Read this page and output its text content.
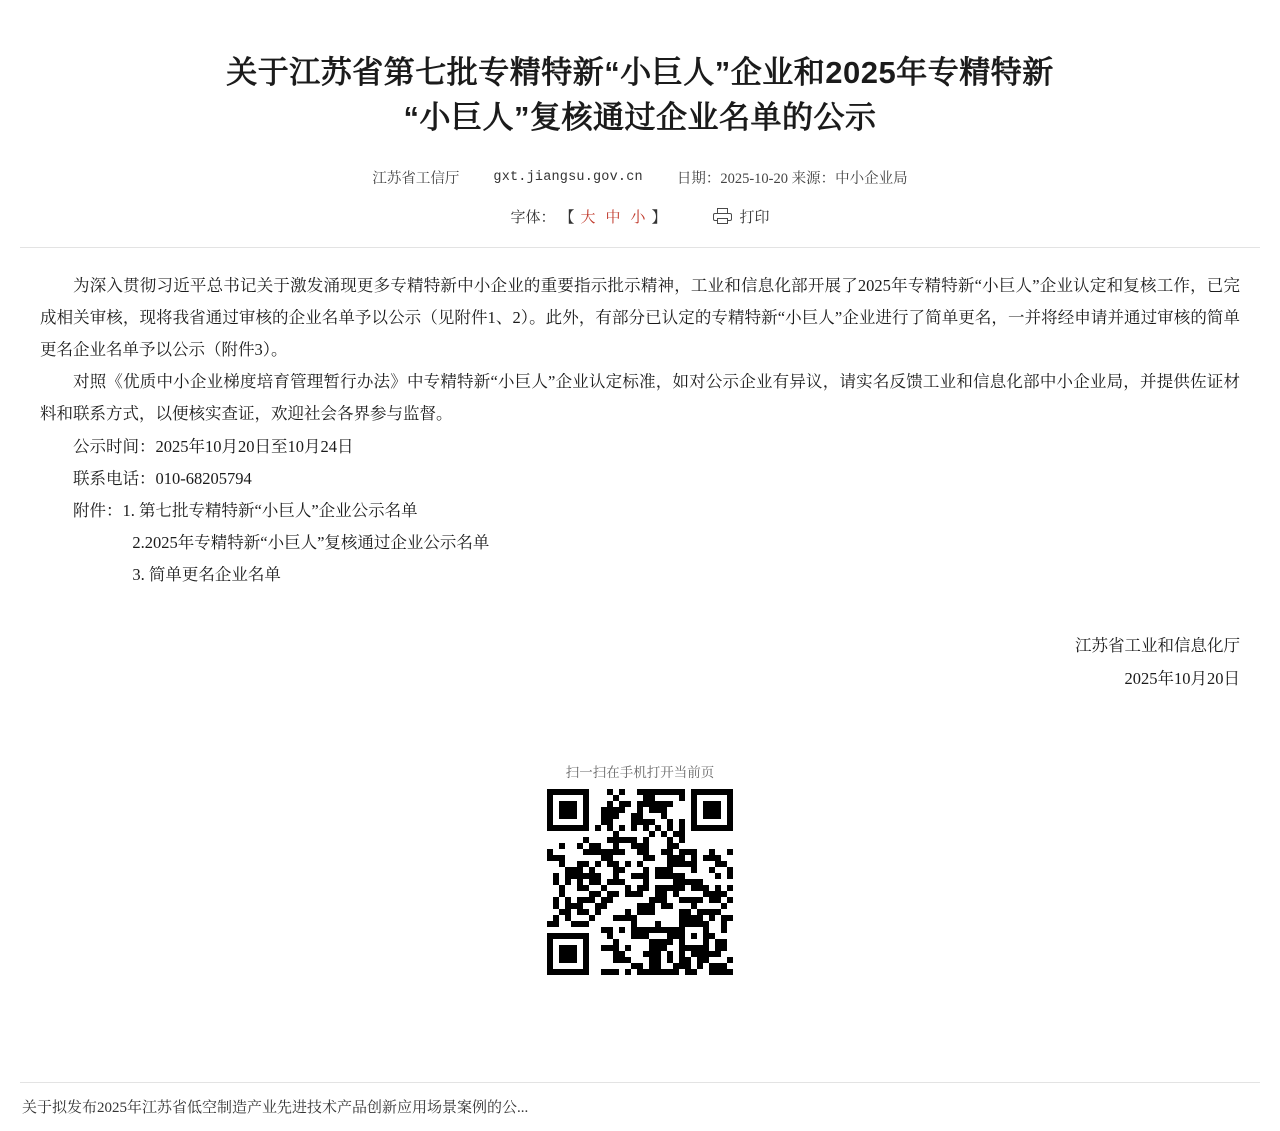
关于江苏省第七批专精特新“小巨人”企业和2025年专精特新
“小巨人”复核通过企业名单的公示
江苏省工信厅	gxt.jiangsu.gov.cn 日期：2025-10-20 来源：中小企业局
字体： 【 大 中 小 】	打印

为深入贯彻习近平总书记关于激发涌现更多专精特新中小企业的重要指示批示精神，工业和信息化部开展了2025年专精特新“小巨人”企业认定和复核工作，已完成相关审核，现将我省通过审核的企业名单予以公示（见附件1、2）。此外，有部分已认定的专精特新“小巨人”企业进行了简单更名，一并将经申请并通过审核的简单更名企业名单予以公示（附件3）。

对照《优质中小企业梯度培育管理暂行办法》中专精特新“小巨人”企业认定标准，如对公示企业有异议，请实名反馈工业和信息化部中小企业局，并提供佐证材料和联系方式，以便核实查证，欢迎社会各界参与监督。

公示时间：2025年10月20日至10月24日

联系电话：010-68205794

附件：1. 第七批专精特新“小巨人”企业公示名单

2.2025年专精特新“小巨人”复核通过企业公示名单

3. 简单更名企业名单

江苏省工业和信息化厅
2025年10月20日
扫一扫在手机打开当前页
关于拟发布2025年江苏省低空制造产业先进技术产品创新应用场景案例的公...
